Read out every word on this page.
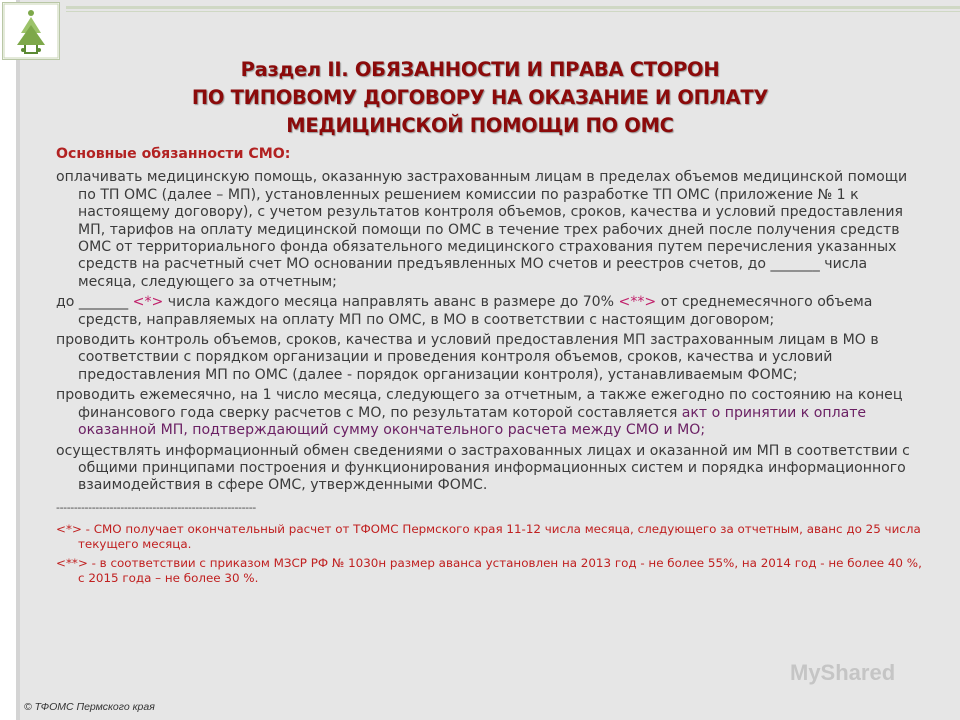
Раздел II. ОБЯЗАННОСТИ И ПРАВА СТОРОН
ПО ТИПОВОМУ ДОГОВОРУ НА ОКАЗАНИЕ И ОПЛАТУ
МЕДИЦИНСКОЙ ПОМОЩИ ПО ОМС
Основные обязанности СМО:
оплачивать медицинскую помощь, оказанную застрахованным лицам в пределах объемов медицинской помощи по ТП ОМС (далее – МП), установленных решением комиссии по разработке ТП ОМС (приложение № 1 к настоящему договору), с учетом результатов контроля объемов, сроков, качества и условий предоставления МП, тарифов на оплату медицинской помощи по ОМС в течение трех рабочих дней после получения средств ОМС от территориального фонда обязательного медицинского страхования путем перечисления указанных средств на расчетный счет МО основании предъявленных МО счетов и реестров счетов, до _______ числа месяца, следующего за отчетным;
до _______ <*> числа каждого месяца направлять аванс в размере до 70% <**> от среднемесячного объема средств, направляемых на оплату МП по ОМС, в МО в соответствии с настоящим договором;
проводить контроль объемов, сроков, качества и условий предоставления МП застрахованным лицам в МО в соответствии с порядком организации и проведения контроля объемов, сроков, качества и условий предоставления МП по ОМС (далее - порядок организации контроля), устанавливаемым ФОМС;
проводить ежемесячно, на 1 число месяца, следующего за отчетным, а также ежегодно по состоянию на конец финансового года сверку расчетов с МО, по результатам которой составляется акт о принятии к оплате оказанной МП, подтверждающий сумму окончательного расчета между СМО и МО;
осуществлять информационный обмен сведениями о застрахованных лицах и оказанной им МП в соответствии с общими принципами построения и функционирования информационных систем и порядка информационного взаимодействия в сфере ОМС, утвержденными ФОМС.
--------------------------------------------------------
<*> - СМО получает окончательный расчет от ТФОМС Пермского края 11-12 числа месяца, следующего за отчетным, аванс до 25 числа текущего месяца.
<**> - в соответствии с приказом МЗСР РФ № 1030н размер аванса установлен на 2013 год - не более 55%, на 2014 год - не более 40 %, с 2015 года – не более 30 %.
MyShared
© ТФОМС Пермского края
